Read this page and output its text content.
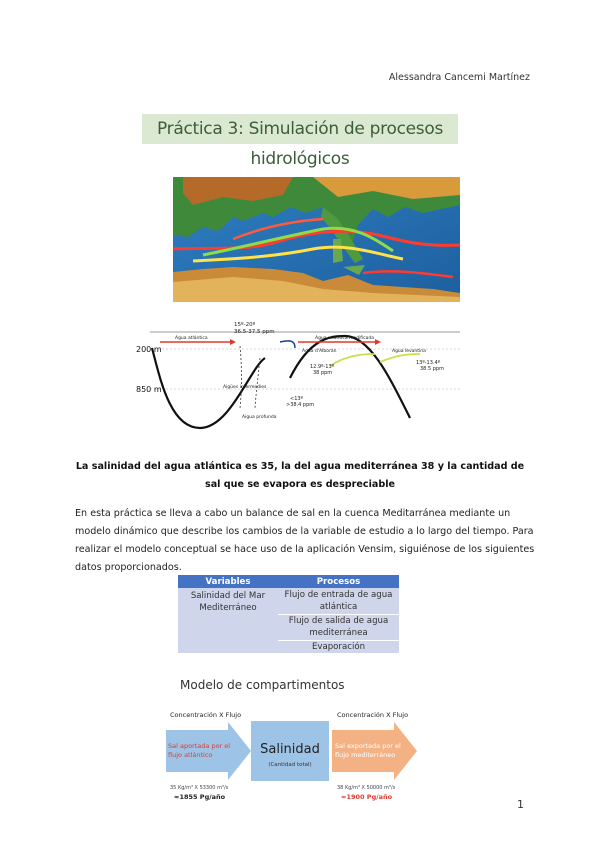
Alessandra Cancemi Martínez
Práctica 3: Simulación de procesos hidrológicos
200 m
850 m
15º-20º
36.5-37.5 ppm
Agua atlántica	Agua atlántica modificada
Agua d'Alborán	Agua levantina
12.9º-13º
38 ppm
13º-13.4º
38.5 ppm
Aigües intermedies
Aigua profunda
<13º
>38.4 ppm
La salinidad del agua atlántica es 35, la del agua mediterránea 38 y la cantidad de sal que se evapora es despreciable
En esta práctica se lleva a cabo un balance de sal en la cuenca Meditarránea mediante un modelo dinámico que describe los cambios de la variable de estudio a lo largo del tiempo. Para realizar el modelo conceptual se hace uso de la aplicación Vensim, siguiénose de los siguientes datos proporcionados.
Variables	Procesos
Salinidad del Mar Mediterráneo	Flujo de entrada de agua atlántica
	Flujo de salida de agua mediterránea
	Evaporación
Modelo de compartimentos
Concentración X Flujo	Concentración X Flujo
Sal aportada por el flujo atlántico	Salinidad
(Cantidad total)
Sal exportada por el flujo mediterráneo
35 Kg/m³ X 53300 m³/s
≈1855 Pg/año
38 Kg/m³ X 50000 m³/s
≈1900 Pg/año
1
